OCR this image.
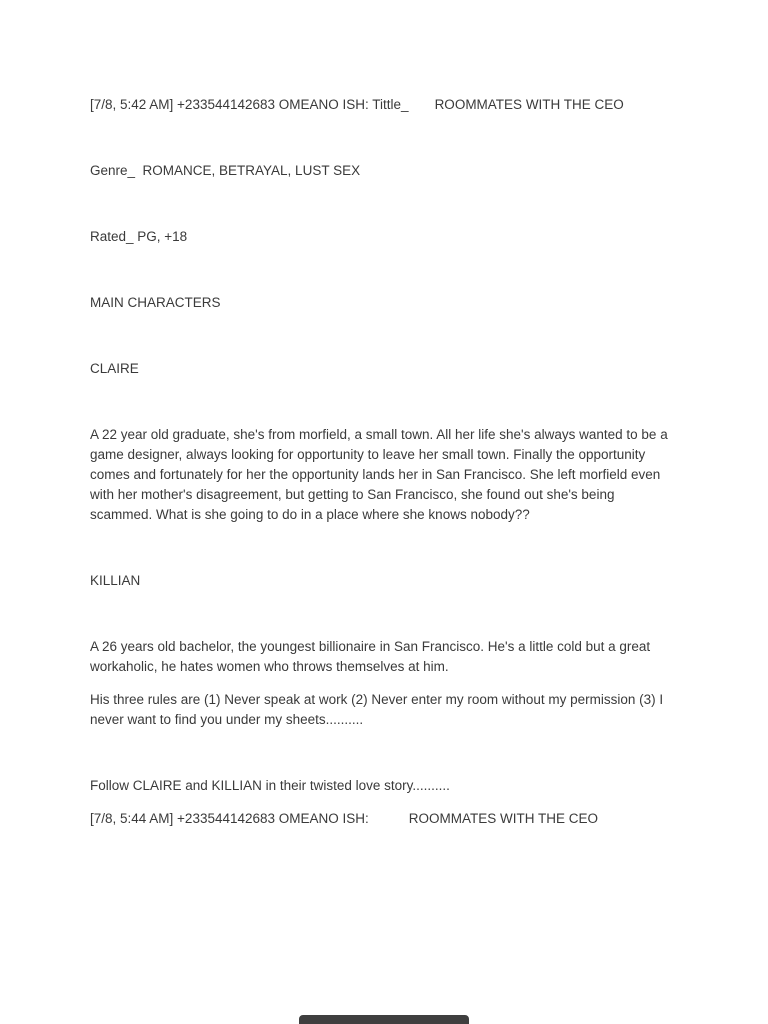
[7/8, 5:42 AM] +233544142683 OMEANO ISH: Tittle_ ROOMMATES WITH THE CEO

Genre_  ROMANCE, BETRAYAL, LUST SEX

Rated_ PG, +18

MAIN CHARACTERS

CLAIRE

A 22 year old graduate, she's from morfield, a small town. All her life she's always wanted to be a game designer, always looking for opportunity to leave her small town. Finally the opportunity comes and fortunately for her the opportunity lands her in San Francisco. She left morfield even with her mother's disagreement, but getting to San Francisco, she found out she's being scammed. What is she going to do in a place where she knows nobody??

KILLIAN

A 26 years old bachelor, the youngest billionaire in San Francisco. He's a little cold but a great workaholic, he hates women who throws themselves at him.

His three rules are (1) Never speak at work (2) Never enter my room without my permission (3) I never want to find you under my sheets..........

Follow CLAIRE and KILLIAN in their twisted love story..........

[7/8, 5:44 AM] +233544142683 OMEANO ISH:	ROOMMATES WITH THE CEO
